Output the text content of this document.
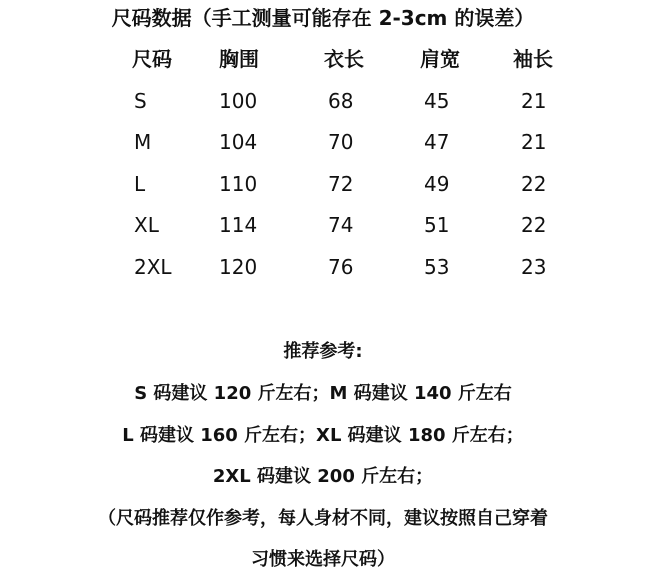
尺码数据（手工测量可能存在 2-3cm 的误差）
尺码 胸围	衣长	肩宽	袖长
S	100	68	45	21
M	104	70	47	21
L	110	72	49	22
XL	114	74	51	22
2XL 120	76	53	23
推荐参考:
S 码建议 120 斤左右；M 码建议 140 斤左右
L 码建议 160 斤左右；XL 码建议 180 斤左右；
2XL 码建议 200 斤左右；
（尺码推荐仅作参考，每人身材不同，建议按照自己穿着
习惯来选择尺码）
